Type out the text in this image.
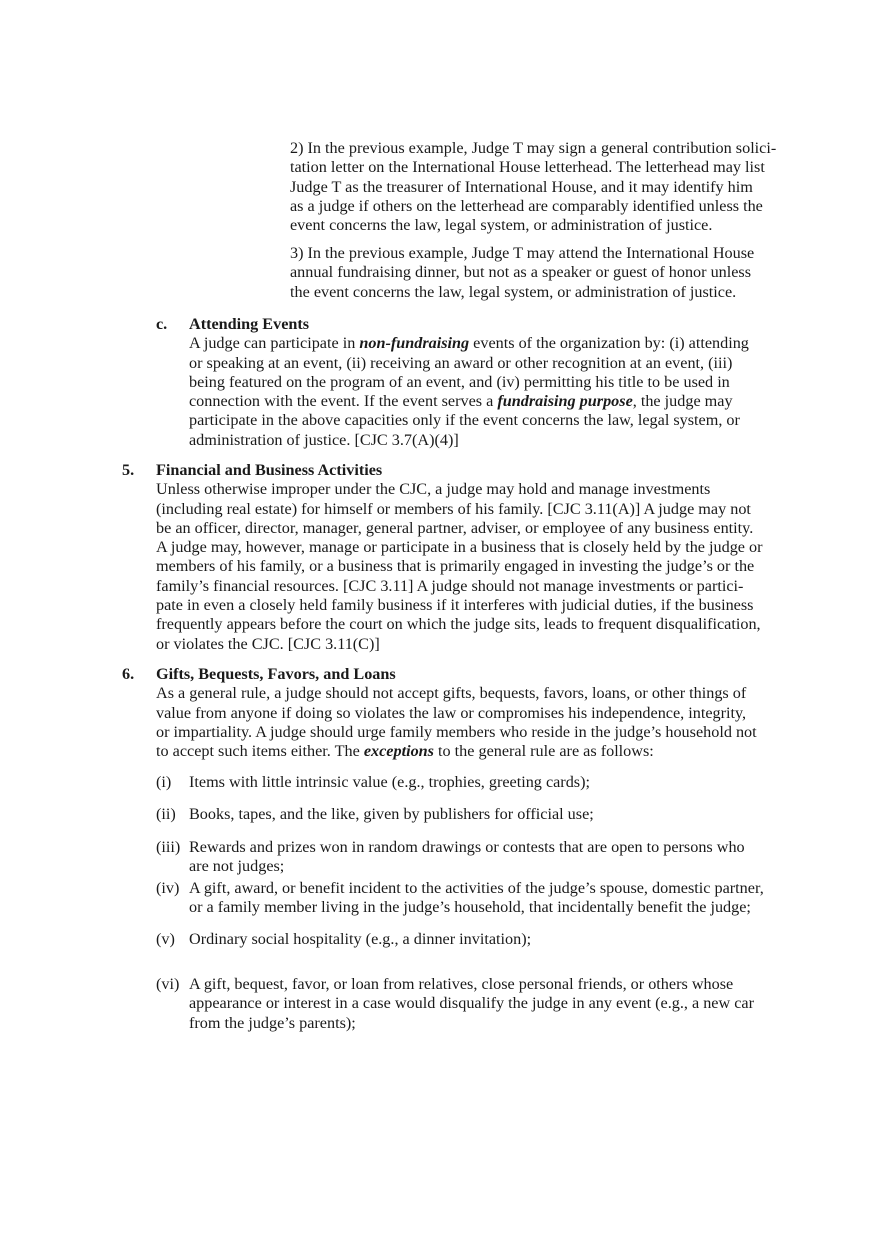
2) In the previous example, Judge T may sign a general contribution solici-
tation letter on the International House letterhead. The letterhead may list
Judge T as the treasurer of International House, and it may identify him
as a judge if others on the letterhead are comparably identified unless the
event concerns the law, legal system, or administration of justice.
3) In the previous example, Judge T may attend the International House
annual fundraising dinner, but not as a speaker or guest of honor unless
the event concerns the law, legal system, or administration of justice.
c. Attending Events
A judge can participate in non-fundraising events of the organization by: (i) attending
or speaking at an event, (ii) receiving an award or other recognition at an event, (iii)
being featured on the program of an event, and (iv) permitting his title to be used in
connection with the event. If the event serves a fundraising purpose, the judge may
participate in the above capacities only if the event concerns the law, legal system, or
administration of justice. [CJC 3.7(A)(4)]
5. Financial and Business Activities
Unless otherwise improper under the CJC, a judge may hold and manage investments
(including real estate) for himself or members of his family. [CJC 3.11(A)] A judge may not
be an officer, director, manager, general partner, adviser, or employee of any business entity.
A judge may, however, manage or participate in a business that is closely held by the judge or
members of his family, or a business that is primarily engaged in investing the judge’s or the
family’s financial resources. [CJC 3.11] A judge should not manage investments or partici-
pate in even a closely held family business if it interferes with judicial duties, if the business
frequently appears before the court on which the judge sits, leads to frequent disqualification,
or violates the CJC. [CJC 3.11(C)]
6. Gifts, Bequests, Favors, and Loans
As a general rule, a judge should not accept gifts, bequests, favors, loans, or other things of
value from anyone if doing so violates the law or compromises his independence, integrity,
or impartiality. A judge should urge family members who reside in the judge’s household not
to accept such items either. The exceptions to the general rule are as follows:
(i) Items with little intrinsic value (e.g., trophies, greeting cards);
(ii) Books, tapes, and the like, given by publishers for official use;
(iii) Rewards and prizes won in random drawings or contests that are open to persons who
are not judges;
(iv) A gift, award, or benefit incident to the activities of the judge’s spouse, domestic partner,
or a family member living in the judge’s household, that incidentally benefit the judge;
(v) Ordinary social hospitality (e.g., a dinner invitation);
(vi) A gift, bequest, favor, or loan from relatives, close personal friends, or others whose
appearance or interest in a case would disqualify the judge in any event (e.g., a new car
from the judge’s parents);
